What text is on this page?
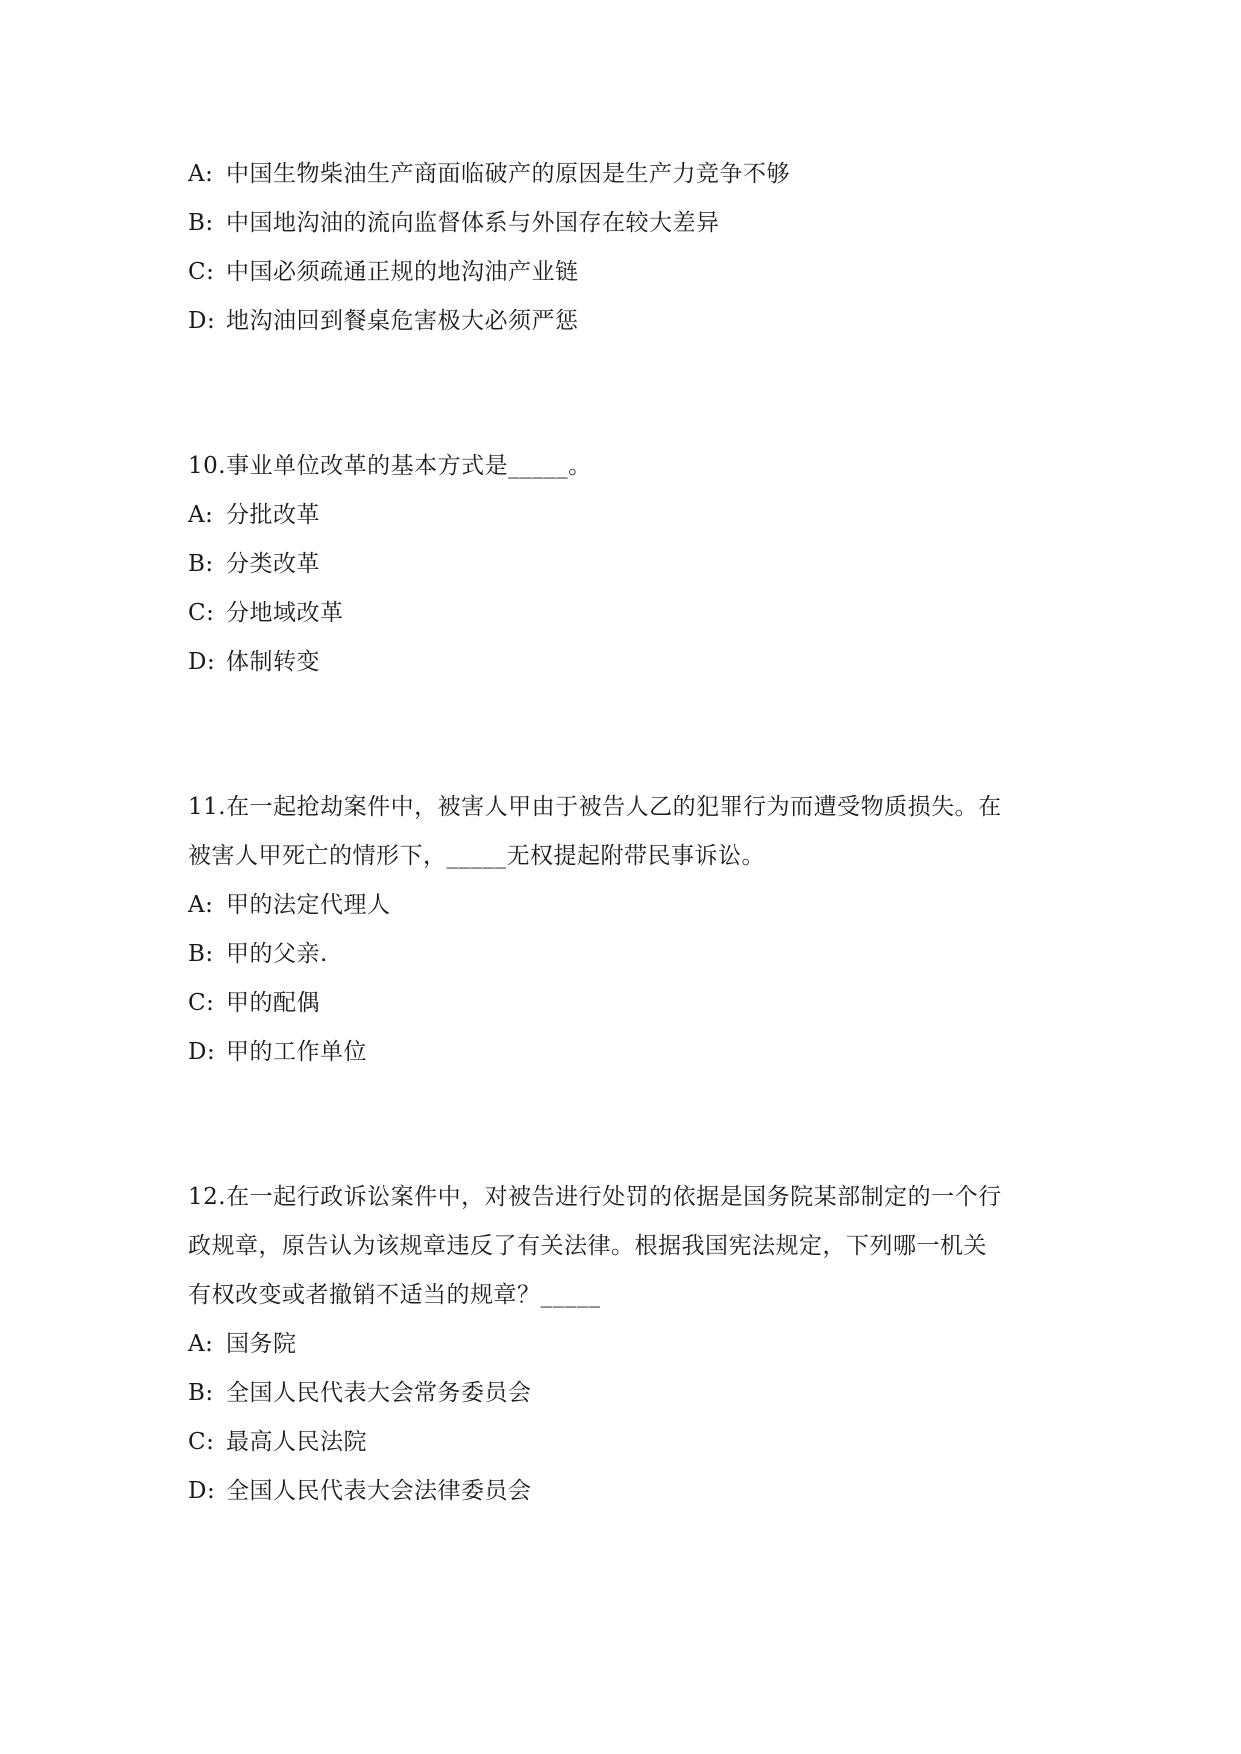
A: 中国生物柴油生产商面临破产的原因是生产力竞争不够
B: 中国地沟油的流向监督体系与外国存在较大差异
C: 中国必须疏通正规的地沟油产业链
D: 地沟油回到餐桌危害极大必须严惩
10.事业单位改革的基本方式是_____。
A: 分批改革
B: 分类改革
C: 分地域改革
D: 体制转变
11.在一起抢劫案件中，被害人甲由于被告人乙的犯罪行为而遭受物质损失。在
被害人甲死亡的情形下，_____无权提起附带民事诉讼。
A: 甲的法定代理人
B: 甲的父亲.
C: 甲的配偶
D: 甲的工作单位
12.在一起行政诉讼案件中，对被告进行处罚的依据是国务院某部制定的一个行
政规章，原告认为该规章违反了有关法律。根据我国宪法规定，下列哪一机关
有权改变或者撤销不适当的规章？_____
A: 国务院
B: 全国人民代表大会常务委员会
C: 最高人民法院
D: 全国人民代表大会法律委员会
